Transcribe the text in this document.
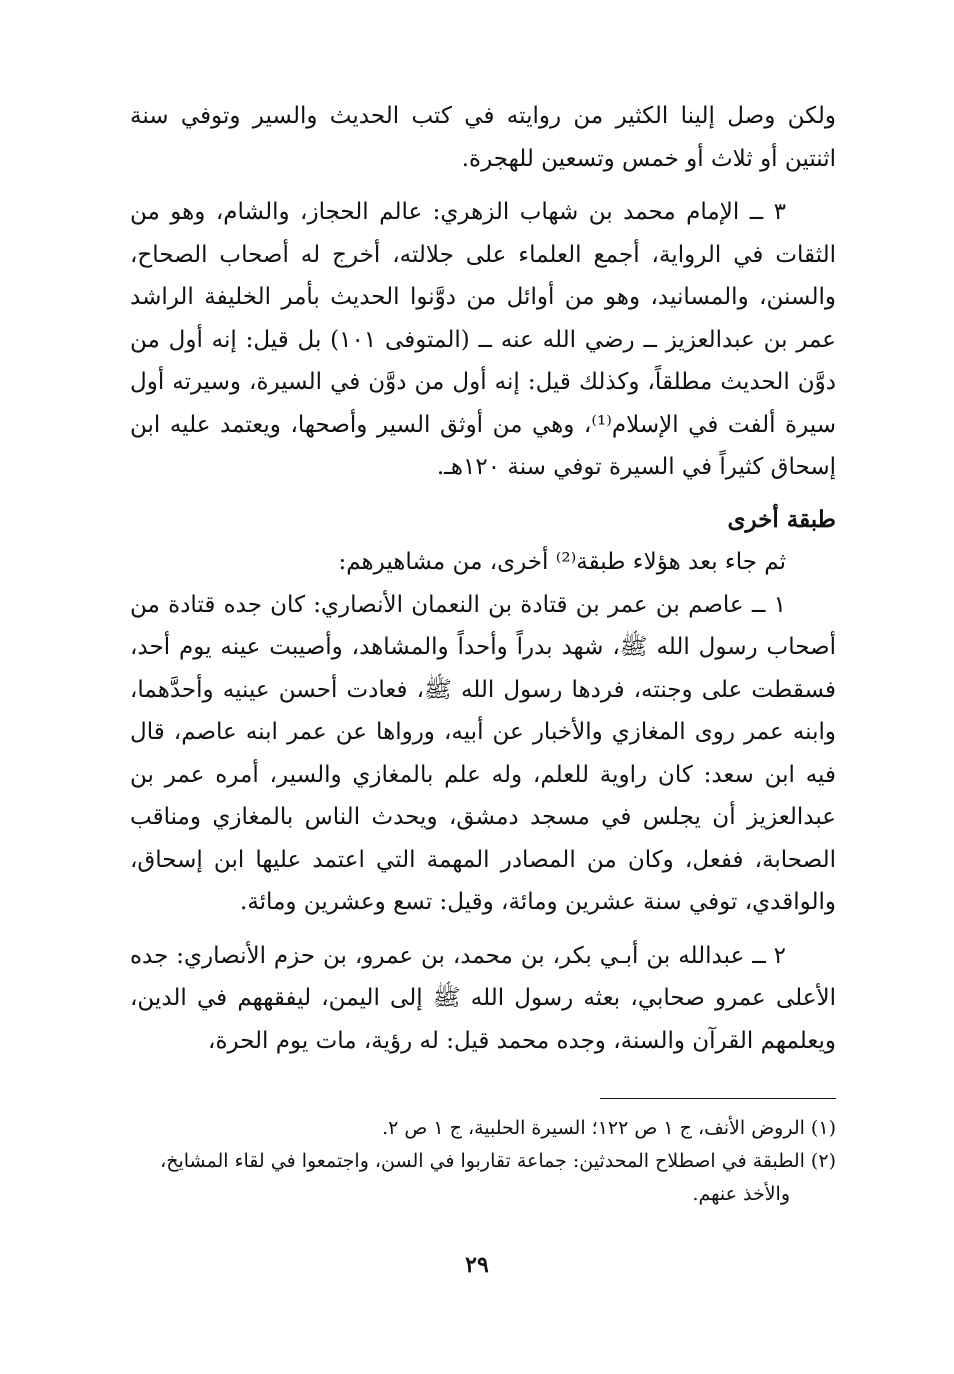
ولكن وصل إلينا الكثير من روايته في كتب الحديث والسير وتوفي سنة اثنتين أو ثلاث أو خمس وتسعين للهجرة.

٣ ــ الإمام محمد بن شهاب الزهري: عالم الحجاز، والشام، وهو من الثقات في الرواية، أجمع العلماء على جلالته، أخرج له أصحاب الصحاح، والسنن، والمسانيد، وهو من أوائل من دوَّنوا الحديث بأمر الخليفة الراشد عمر بن عبدالعزيز ــ رضي الله عنه ــ (المتوفى ١٠١) بل قيل: إنه أول من دوَّن الحديث مطلقاً، وكذلك قيل: إنه أول من دوَّن في السيرة، وسيرته أول سيرة ألفت في الإسلام⁽¹⁾، وهي من أوثق السير وأصحها، ويعتمد عليه ابن إسحاق كثيراً في السيرة توفي سنة ١٢٠هـ.

طبقة أخرى

ثم جاء بعد هؤلاء طبقة⁽²⁾ أخرى، من مشاهيرهم:

١ ــ عاصم بن عمر بن قتادة بن النعمان الأنصاري: كان جده قتادة من أصحاب رسول الله ﷺ، شهد بدراً وأحداً والمشاهد، وأصيبت عينه يوم أحد، فسقطت على وجنته، فردها رسول الله ﷺ، فعادت أحسن عينيه وأحدَّهما، وابنه عمر روى المغازي والأخبار عن أبيه، ورواها عن عمر ابنه عاصم، قال فيه ابن سعد: كان راوية للعلم، وله علم بالمغازي والسير، أمره عمر بن عبدالعزيز أن يجلس في مسجد دمشق، ويحدث الناس بالمغازي ومناقب الصحابة، ففعل، وكان من المصادر المهمة التي اعتمد عليها ابن إسحاق، والواقدي، توفي سنة عشرين ومائة، وقيل: تسع وعشرين ومائة.

٢ ــ عبدالله بن أبـي بكر، بن محمد، بن عمرو، بن حزم الأنصاري: جده الأعلى عمرو صحابي، بعثه رسول الله ﷺ إلى اليمن، ليفقههم في الدين، ويعلمهم القرآن والسنة، وجده محمد قيل: له رؤية، مات يوم الحرة،

(١) الروض الأنف، ج ١ ص ١٢٢؛ السيرة الحلبية، ج ١ ص ٢.

(٢) الطبقة في اصطلاح المحدثين: جماعة تقاربوا في السن، واجتمعوا في لقاء المشايخ،

والأخذ عنهم.

٢٩
